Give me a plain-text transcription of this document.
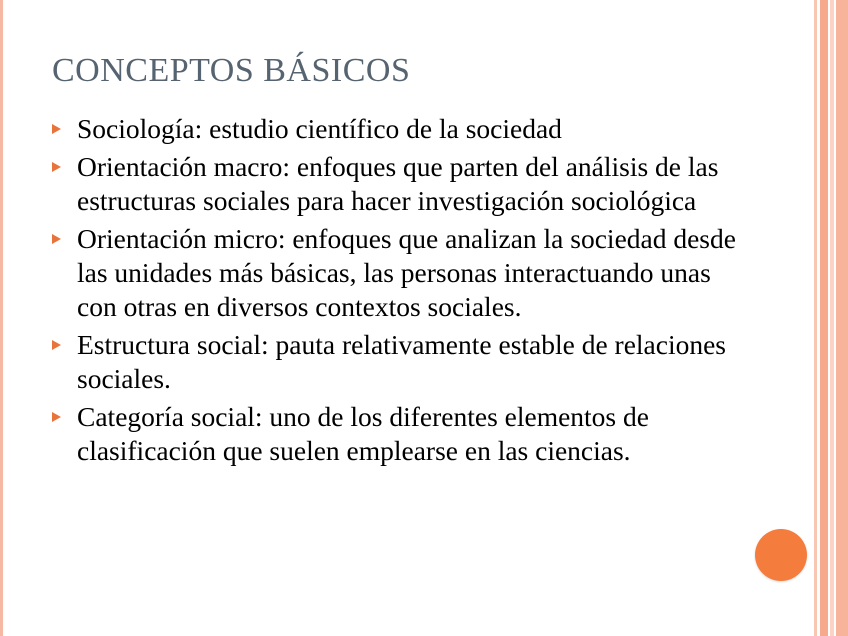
CONCEPTOS BÁSICOS
Sociología: estudio científico de la sociedad
Orientación macro: enfoques que parten del análisis de las estructuras sociales para hacer investigación sociológica
Orientación micro: enfoques que analizan la sociedad desde las unidades más básicas, las personas interactuando unas con otras en diversos contextos sociales.
Estructura social: pauta relativamente estable de relaciones sociales.
Categoría social: uno de los diferentes elementos de clasificación que suelen emplearse en las ciencias.
